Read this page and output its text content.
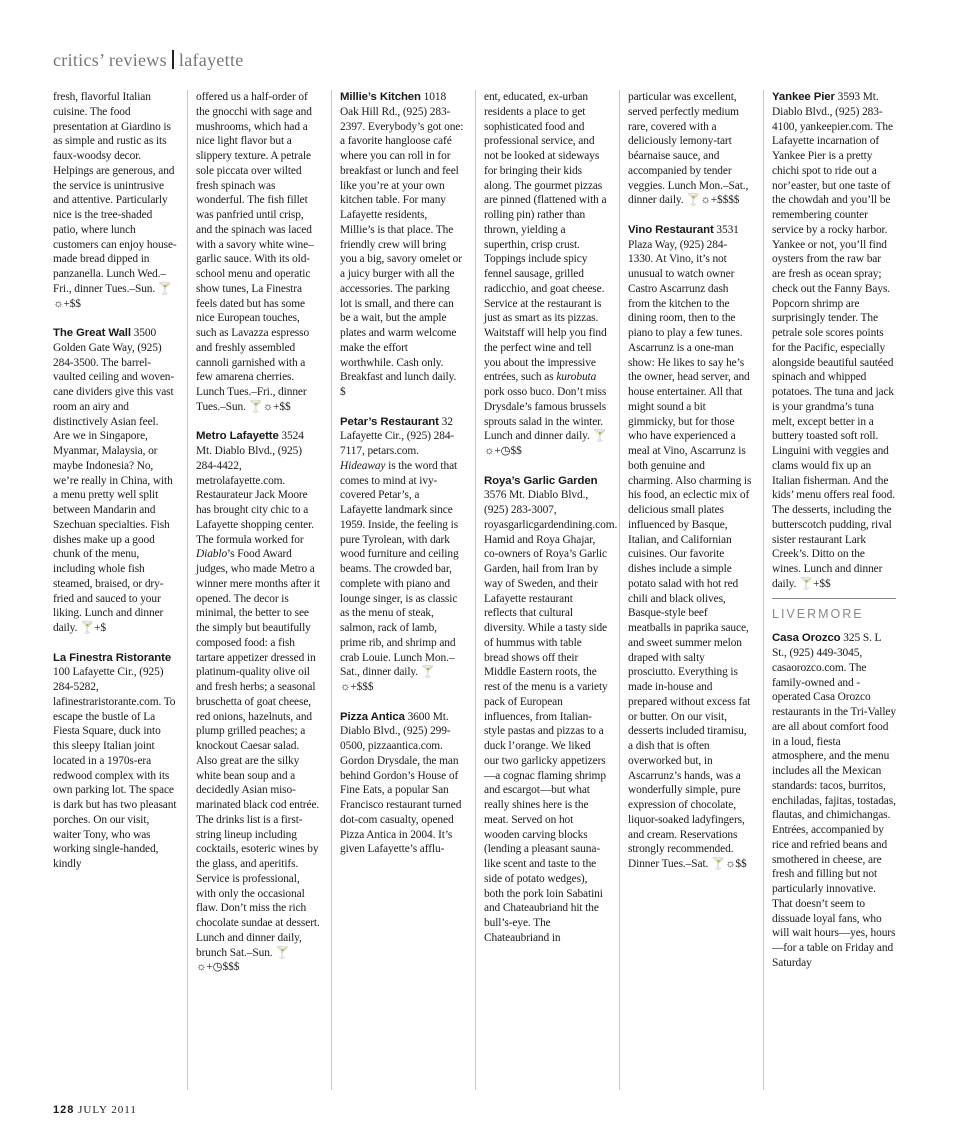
critics’ reviews lafayette

fresh, flavorful Italian cuisine. The food presentation at Giardino is as simple and rustic as its faux-woodsy decor. Helpings are generous, and the service is unintrusive and attentive. Particularly nice is the tree-shaded patio, where lunch customers can enjoy house-made bread dipped in panzanella. Lunch Wed.–Fri., dinner Tues.–Sun. 🍸☼+$$

The Great Wall 3500 Golden Gate Way, (925) 284-3500. The barrel-vaulted ceiling and woven-cane dividers give this vast room an airy and distinctively Asian feel. Are we in Singapore, Myanmar, Malaysia, or maybe Indonesia? No, we’re really in China, with a menu pretty well split between Mandarin and Szechuan specialties. Fish dishes make up a good chunk of the menu, including whole fish steamed, braised, or dry-fried and sauced to your liking. Lunch and dinner daily. 🍸+$

La Finestra Ristorante 100 Lafayette Cir., (925) 284-5282, lafinestraristorante.com. To escape the bustle of La Fiesta Square, duck into this sleepy Italian joint located in a 1970s-era redwood complex with its own parking lot. The space is dark but has two pleasant porches. On our visit, waiter Tony, who was working single-handed, kindly

offered us a half-order of the gnocchi with sage and mushrooms, which had a nice light flavor but a slippery texture. A petrale sole piccata over wilted fresh spinach was wonderful. The fish fillet was panfried until crisp, and the spinach was laced with a savory white wine–garlic sauce. With its old-school menu and operatic show tunes, La Finestra feels dated but has some nice European touches, such as Lavazza espresso and freshly assembled cannoli garnished with a few amarena cherries. Lunch Tues.–Fri., dinner Tues.–Sun. 🍸☼+$$

Metro Lafayette 3524 Mt. Diablo Blvd., (925) 284-4422, metrolafayette.com. Restaurateur Jack Moore has brought city chic to a Lafayette shopping center. The formula worked for Diablo’s Food Award judges, who made Metro a winner mere months after it opened. The decor is minimal, the better to see the simply but beautifully composed food: a fish tartare appetizer dressed in platinum-quality olive oil and fresh herbs; a seasonal bruschetta of goat cheese, red onions, hazelnuts, and plump grilled peaches; a knockout Caesar salad. Also great are the silky white bean soup and a decidedly Asian miso-marinated black cod entrée. The drinks list is a first-string lineup including cocktails, esoteric wines by the glass, and aperitifs. Service is professional, with only the occasional flaw. Don’t miss the rich chocolate sundae at dessert. Lunch and dinner daily, brunch Sat.–Sun. 🍸☼+◷$$$

Millie’s Kitchen 1018 Oak Hill Rd., (925) 283-2397. Everybody’s got one: a favorite hangloose café where you can roll in for breakfast or lunch and feel like you’re at your own kitchen table. For many Lafayette residents, Millie’s is that place. The friendly crew will bring you a big, savory omelet or a juicy burger with all the accessories. The parking lot is small, and there can be a wait, but the ample plates and warm welcome make the effort worthwhile. Cash only. Breakfast and lunch daily. $

Petar’s Restaurant 32 Lafayette Cir., (925) 284-7117, petars.com. Hideaway is the word that comes to mind at ivy-covered Petar’s, a Lafayette landmark since 1959. Inside, the feeling is pure Tyrolean, with dark wood furniture and ceiling beams. The crowded bar, complete with piano and lounge singer, is as classic as the menu of steak, salmon, rack of lamb, prime rib, and shrimp and crab Louie. Lunch Mon.–Sat., dinner daily. 🍸☼+$$$

Pizza Antica 3600 Mt. Diablo Blvd., (925) 299-0500, pizzaantica.com. Gordon Drysdale, the man behind Gordon’s House of Fine Eats, a popular San Francisco restaurant turned dot-com casualty, opened Pizza Antica in 2004. It’s given Lafayette’s afflu-

ent, educated, ex-urban residents a place to get sophisticated food and professional service, and not be looked at sideways for bringing their kids along. The gourmet pizzas are pinned (flattened with a rolling pin) rather than thrown, yielding a superthin, crisp crust. Toppings include spicy fennel sausage, grilled radicchio, and goat cheese. Service at the restaurant is just as smart as its pizzas. Waitstaff will help you find the perfect wine and tell you about the impressive entrées, such as kurobuta pork osso buco. Don’t miss Drysdale’s famous brussels sprouts salad in the winter. Lunch and dinner daily. 🍸☼+◷$$

Roya’s Garlic Garden 3576 Mt. Diablo Blvd., (925) 283-3007, royasgarlicgardendining.com. Hamid and Roya Ghajar, co-owners of Roya’s Garlic Garden, hail from Iran by way of Sweden, and their Lafayette restaurant reflects that cultural diversity. While a tasty side of hummus with table bread shows off their Middle Eastern roots, the rest of the menu is a variety pack of European influences, from Italian-style pastas and pizzas to a duck l’orange. We liked our two garlicky appetizers—a cognac flaming shrimp and escargot—but what really shines here is the meat. Served on hot wooden carving blocks (lending a pleasant sauna-like scent and taste to the side of potato wedges), both the pork loin Sabatini and Chateaubriand hit the bull’s-eye. The Chateaubriand in

particular was excellent, served perfectly medium rare, covered with a deliciously lemony-tart béarnaise sauce, and accompanied by tender veggies. Lunch Mon.–Sat., dinner daily. 🍸☼+$$$$

Vino Restaurant 3531 Plaza Way, (925) 284-1330. At Vino, it’s not unusual to watch owner Castro Ascarrunz dash from the kitchen to the dining room, then to the piano to play a few tunes. Ascarrunz is a one-man show: He likes to say he’s the owner, head server, and house entertainer. All that might sound a bit gimmicky, but for those who have experienced a meal at Vino, Ascarrunz is both genuine and charming. Also charming is his food, an eclectic mix of delicious small plates influenced by Basque, Italian, and Californian cuisines. Our favorite dishes include a simple potato salad with hot red chili and black olives, Basque-style beef meatballs in paprika sauce, and sweet summer melon draped with salty prosciutto. Everything is made in-house and prepared without excess fat or butter. On our visit, desserts included tiramisu, a dish that is often overworked but, in Ascarrunz’s hands, was a wonderfully simple, pure expression of chocolate, liquor-soaked ladyfingers, and cream. Reservations strongly recommended. Dinner Tues.–Sat. 🍸☼$$

Yankee Pier 3593 Mt. Diablo Blvd., (925) 283-4100, yankeepier.com. The Lafayette incarnation of Yankee Pier is a pretty chichi spot to ride out a nor’easter, but one taste of the chowdah and you’ll be remembering counter service by a rocky harbor. Yankee or not, you’ll find oysters from the raw bar are fresh as ocean spray; check out the Fanny Bays. Popcorn shrimp are surprisingly tender. The petrale sole scores points for the Pacific, especially alongside beautiful sautéed spinach and whipped potatoes. The tuna and jack is your grandma’s tuna melt, except better in a buttery toasted soft roll. Linguini with veggies and clams would fix up an Italian fisherman. And the kids’ menu offers real food. The desserts, including the butterscotch pudding, rival sister restaurant Lark Creek’s. Ditto on the wines. Lunch and dinner daily. 🍸+$$

LIVERMORE

Casa Orozco 325 S. L St., (925) 449-3045, casaorozco.com. The family-owned and -operated Casa Orozco restaurants in the Tri-Valley are all about comfort food in a loud, fiesta atmosphere, and the menu includes all the Mexican standards: tacos, burritos, enchiladas, fajitas, tostadas, flautas, and chimichangas. Entrées, accompanied by rice and refried beans and smothered in cheese, are fresh and filling but not particularly innovative. That doesn’t seem to dissuade loyal fans, who will wait hours—yes, hours—for a table on Friday and Saturday

128 JULY 2011
